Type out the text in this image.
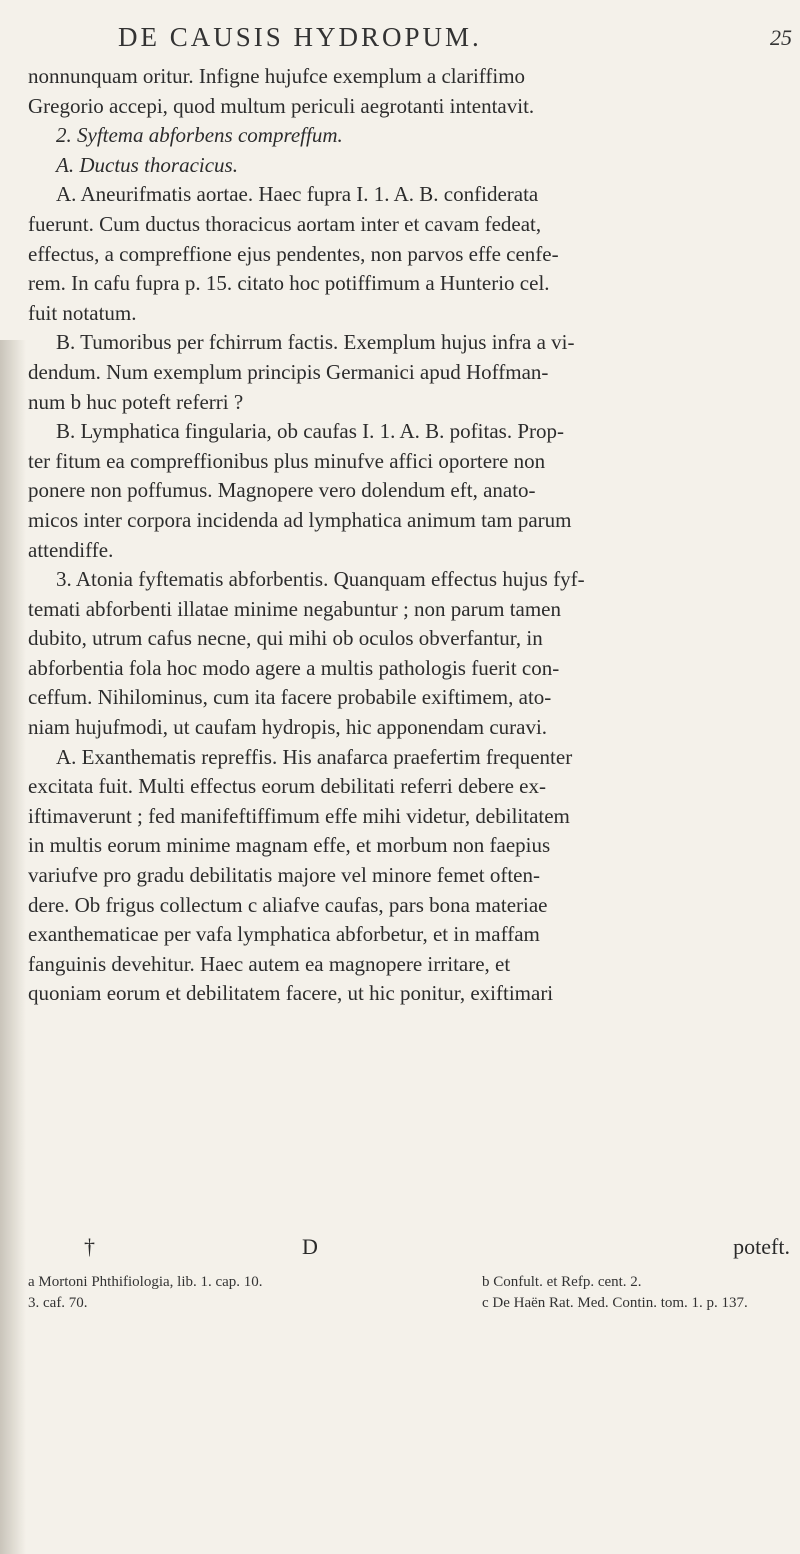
DE CAUSIS HYDROPUM.	25
nonnunquam oritur. Infigne hujufce exemplum a clariffimo
Gregorio accepi, quod multum periculi aegrotanti intentavit.
2. Syftema abforbens compreffum.
A. Ductus thoracicus.
A. Aneurifmatis aortae. Haec fupra I. 1. A. B. confiderata
fuerunt. Cum ductus thoracicus aortam inter et cavam fedeat,
effectus, a compreffione ejus pendentes, non parvos effe cenfe-
rem. In cafu fupra p. 15. citato hoc potiffimum a Hunterio cel.
fuit notatum.
B. Tumoribus per fchirrum factis. Exemplum hujus infra a vi-
dendum. Num exemplum principis Germanici apud Hoffman-
num b huc poteft referri ?
B. Lymphatica fingularia, ob caufas I. 1. A. B. pofitas. Prop-
ter fitum ea compreffionibus plus minufve affici oportere non
ponere non poffumus. Magnopere vero dolendum eft, anato-
micos inter corpora incidenda ad lymphatica animum tam parum
attendiffe.
3. Atonia fyftematis abforbentis. Quanquam effectus hujus fyf-
temati abforbenti illatae minime negabuntur ; non parum tamen
dubito, utrum cafus necne, qui mihi ob oculos obverfantur, in
abforbentia fola hoc modo agere a multis pathologis fuerit con-
ceffum. Nihilominus, cum ita facere probabile exiftimem, ato-
niam hujufmodi, ut caufam hydropis, hic apponendam curavi.
A. Exanthematis repreffis. His anafarca praefertim frequenter
excitata fuit. Multi effectus eorum debilitati referri debere ex-
iftimaverunt ; fed manifeftiffimum effe mihi videtur, debilitatem
in multis eorum minime magnam effe, et morbum non faepius
variufve pro gradu debilitatis majore vel minore femet often-
dere. Ob frigus collectum c aliafve caufas, pars bona materiae
exanthematicae per vafa lymphatica abforbetur, et in maffam
fanguinis devehitur. Haec autem ea magnopere irritare, et
quoniam eorum et debilitatem facere, ut hic ponitur, exiftimari
†	D	poteft.
a Mortoni Phthifiologia, lib. 1. cap. 10.	b Confult. et Refp. cent. 2.
3. caf. 70.	c De Haën Rat. Med. Contin. tom. 1. p. 137.
